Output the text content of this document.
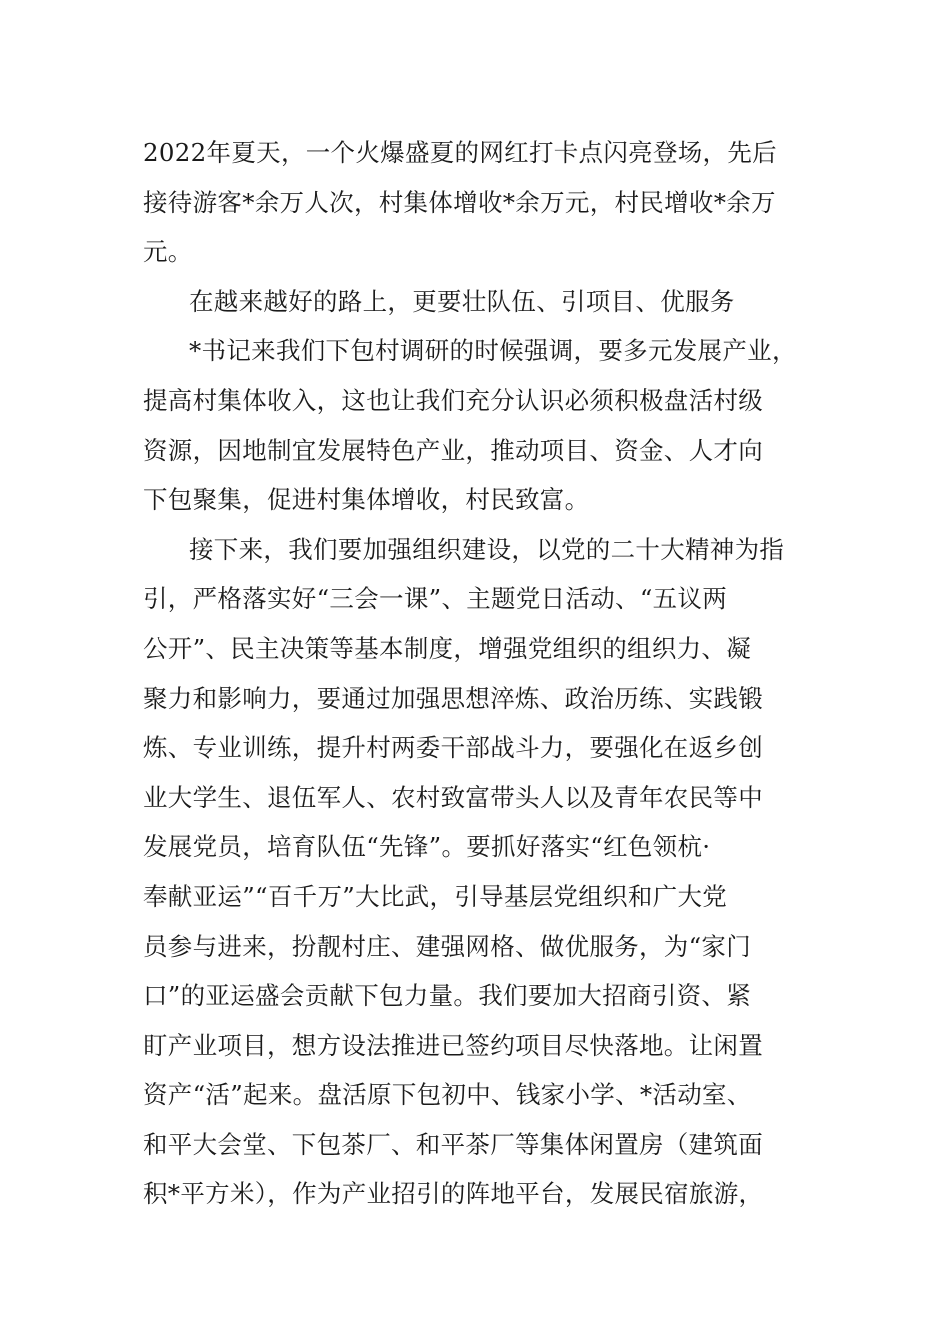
2022年夏天，一个火爆盛夏的网红打卡点闪亮登场，先后
接待游客*余万人次，村集体增收*余万元，村民增收*余万
元。
在越来越好的路上，更要壮队伍、引项目、优服务
*书记来我们下包村调研的时候强调，要多元发展产业，
提高村集体收入，这也让我们充分认识必须积极盘活村级
资源，因地制宜发展特色产业，推动项目、资金、人才向
下包聚集，促进村集体增收，村民致富。
接下来，我们要加强组织建设，以党的二十大精神为指
引，严格落实好“三会一课”、主题党日活动、“五议两
公开”、民主决策等基本制度，增强党组织的组织力、凝
聚力和影响力，要通过加强思想淬炼、政治历练、实践锻
炼、专业训练，提升村两委干部战斗力，要强化在返乡创
业大学生、退伍军人、农村致富带头人以及青年农民等中
发展党员，培育队伍“先锋”。要抓好落实“红色领杭·
奉献亚运”“百千万”大比武，引导基层党组织和广大党
员参与进来，扮靓村庄、建强网格、做优服务，为“家门
口”的亚运盛会贡献下包力量。我们要加大招商引资、紧
盯产业项目，想方设法推进已签约项目尽快落地。让闲置
资产“活”起来。盘活原下包初中、钱家小学、*活动室、
和平大会堂、下包茶厂、和平茶厂等集体闲置房（建筑面
积*平方米），作为产业招引的阵地平台，发展民宿旅游，
